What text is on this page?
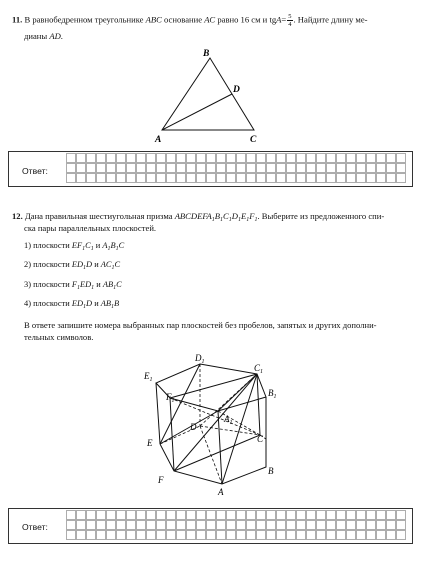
11. В равнобедренном треугольнике ABC основание AC равно 16 см и $tgA= \frac{5}{4}$ . Найдите длину ме-
дианы AD.
B
D
A	C
Ответ:
12. Дана правильная шестиугольная призма $ABCDEFA_1B_1C_1D_1E_1F_1$. Выберите из предложенного спи-
ска пары параллельных плоскостей.
1) плоскости $EF_1C_1$ и $A_1B_1C$
2) плоскости $ED_1D$ и $AC_1C$
3) плоскости $F_1ED_1$ и $AB_1C$
4) плоскости $ED_1D$ и $AB_1B$
В ответе запишите номера выбранных пар плоскостей без пробелов, запятых и других дополни-
тельных символов.
$D_1$
$C_1$
$E_1$
$B_1$
$F_1$
$A_1$
D
C
E
B
F
A
Ответ:
